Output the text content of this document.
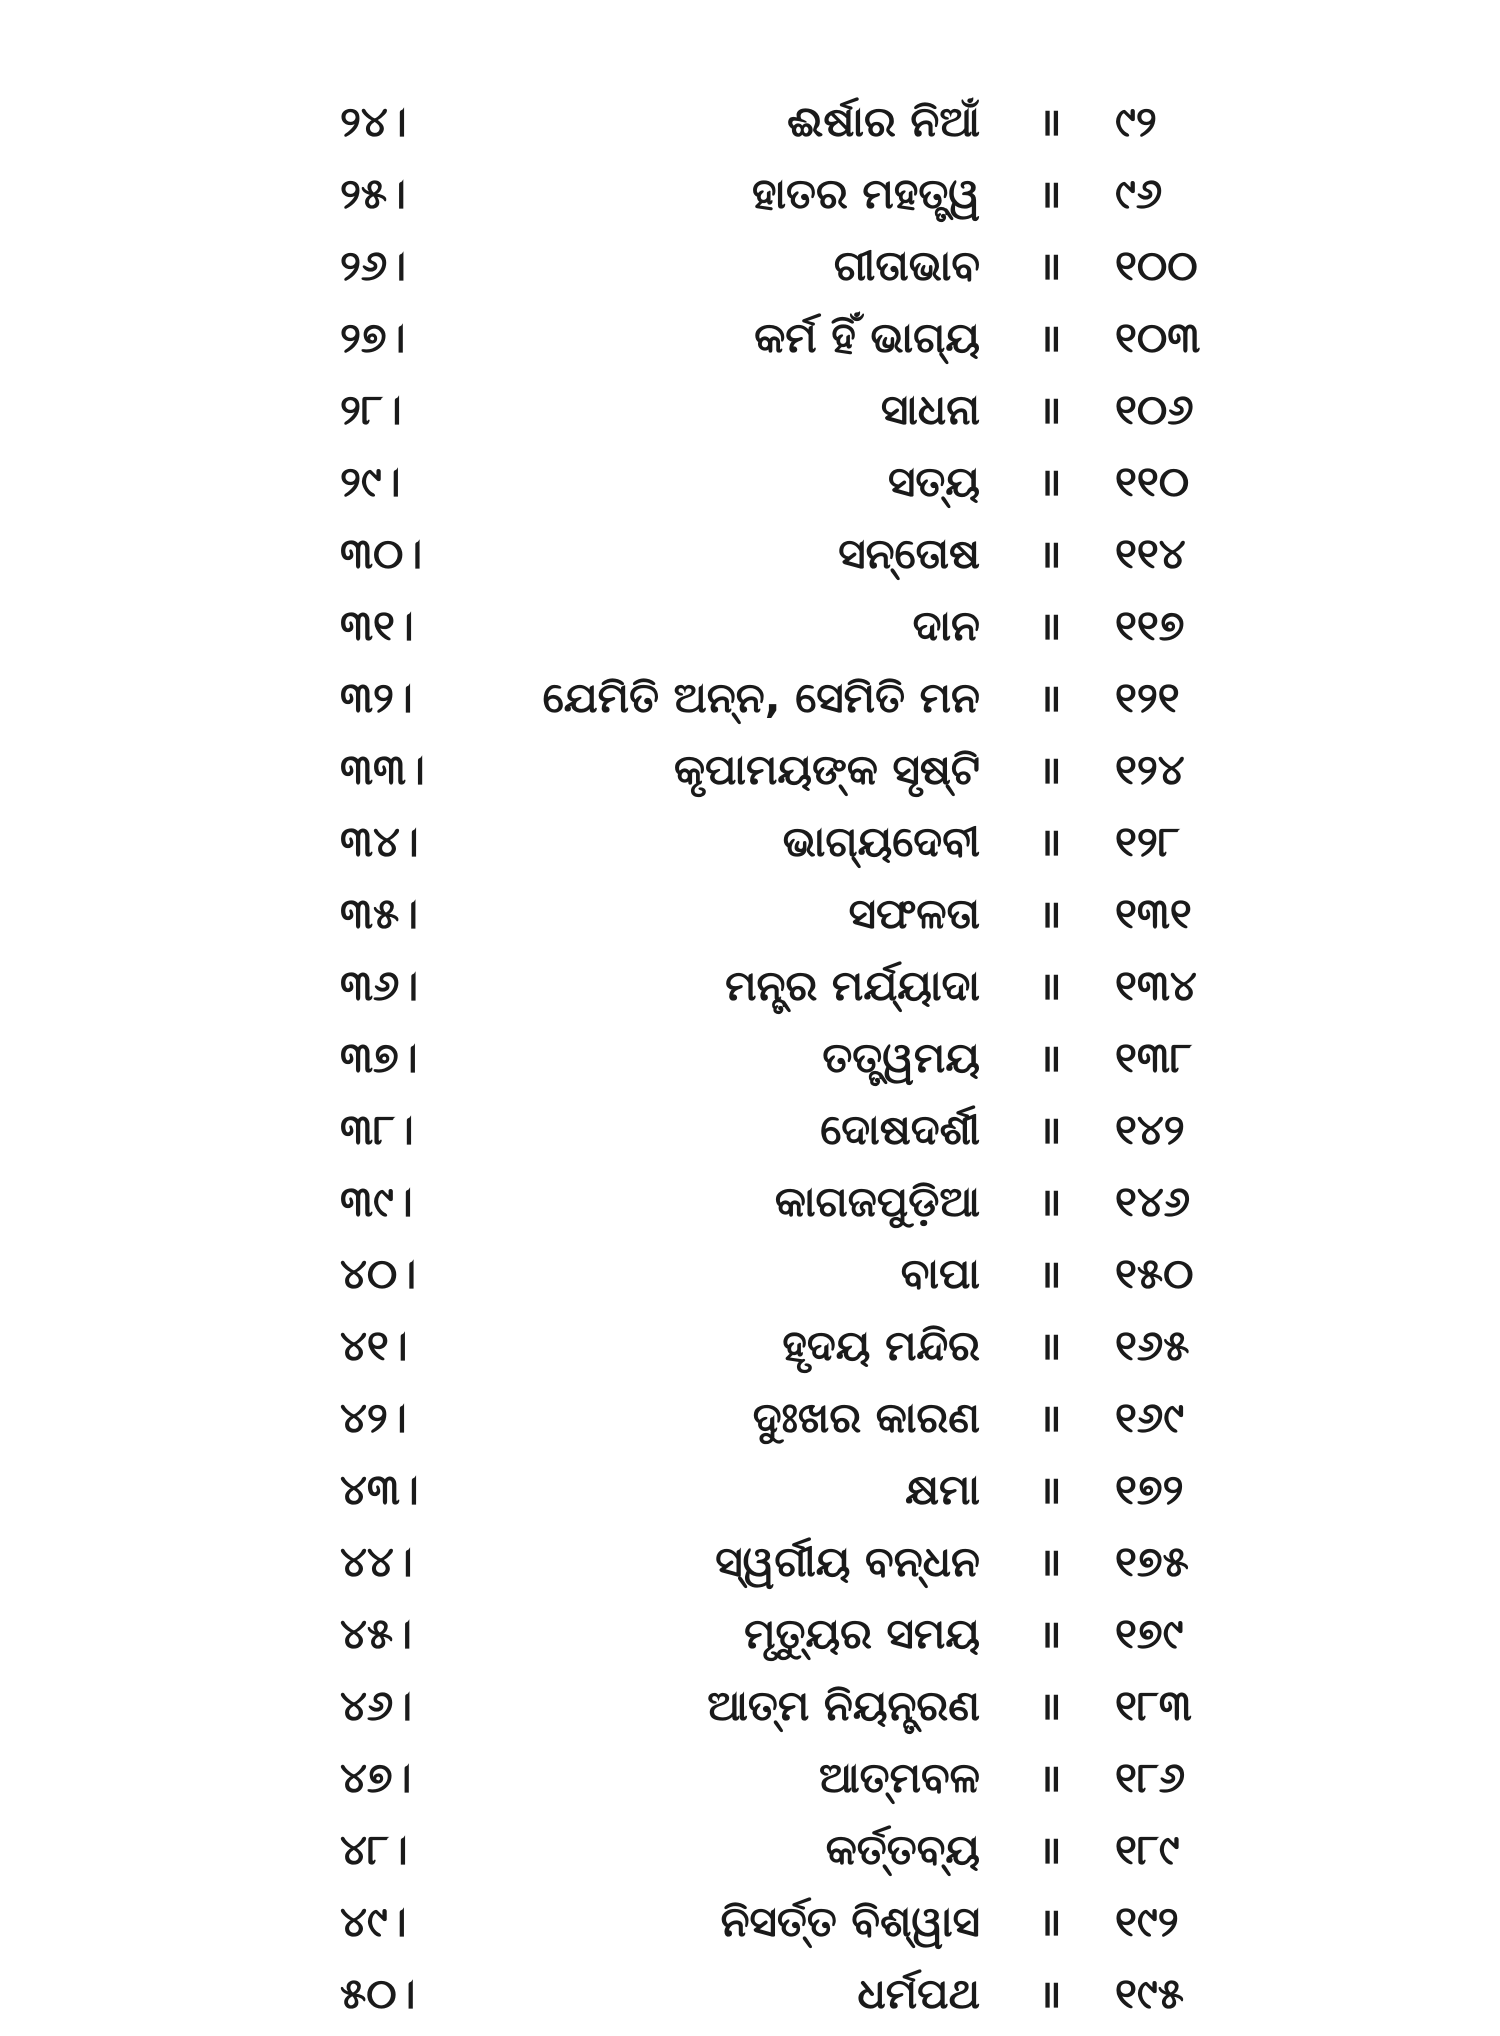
୨୪।	ଈର୍ଷାର ନିଆଁ ॥ ୯୨
୨୫।	ହାତର ମହତ୍ତ୍ୱ ॥ ୯୬
୨୬।	ଗୀତାଭାବ ॥ ୧୦୦
୨୭।	କର୍ମ ହିଁ ଭାଗ୍ୟ ॥ ୧୦୩
୨୮।	ସାଧନା ॥ ୧୦୬
୨୯।	ସତ୍ୟ ॥ ୧୧୦
୩୦।	ସନ୍ତୋଷ ॥ ୧୧୪
୩୧।	ଦାନ ॥ ୧୧୭
୩୨।	ଯେମିତି ଅନ୍ନ, ସେମିତି ମନ ॥ ୧୨୧
୩୩।	କୃପାମୟଙ୍କ ସୃଷ୍ଟି ॥ ୧୨୪
୩୪।	ଭାଗ୍ୟଦେବୀ ॥ ୧୨୮
୩୫।	ସଫଳତା ॥ ୧୩୧
୩୬।	ମନ୍ତ୍ର ମର୍ଯ୍ୟାଦା ॥ ୧୩୪
୩୭।	ତତ୍ତ୍ୱମୟ ॥ ୧୩୮
୩୮।	ଦୋଷଦର୍ଶୀ ॥ ୧୪୨
୩୯।	କାଗଜପୁଡ଼ିଆ ॥ ୧୪୬
୪୦।	ବାପା ॥ ୧୫୦
୪୧।	ହୃଦୟ ମନ୍ଦିର ॥ ୧୬୫
୪୨।	ଦୁଃଖର କାରଣ ॥ ୧୬୯
୪୩।	କ୍ଷମା ॥ ୧୭୨
୪୪।	ସ୍ୱର୍ଗୀୟ ବନ୍ଧନ ॥ ୧୭୫
୪୫।	ମୃତ୍ୟୁର ସମୟ ॥ ୧୭୯
୪୬।	ଆତ୍ମ ନିୟନ୍ତ୍ରଣ ॥ ୧୮୩
୪୭।	ଆତ୍ମବଳ ॥ ୧୮୬
୪୮।	କର୍ତ୍ତବ୍ୟ ॥ ୧୮୯
୪୯।	ନିସର୍ତ୍ତ ବିଶ୍ୱାସ ॥ ୧୯୨
୫୦।	ଧର୍ମପଥ ॥ ୧୯୫
